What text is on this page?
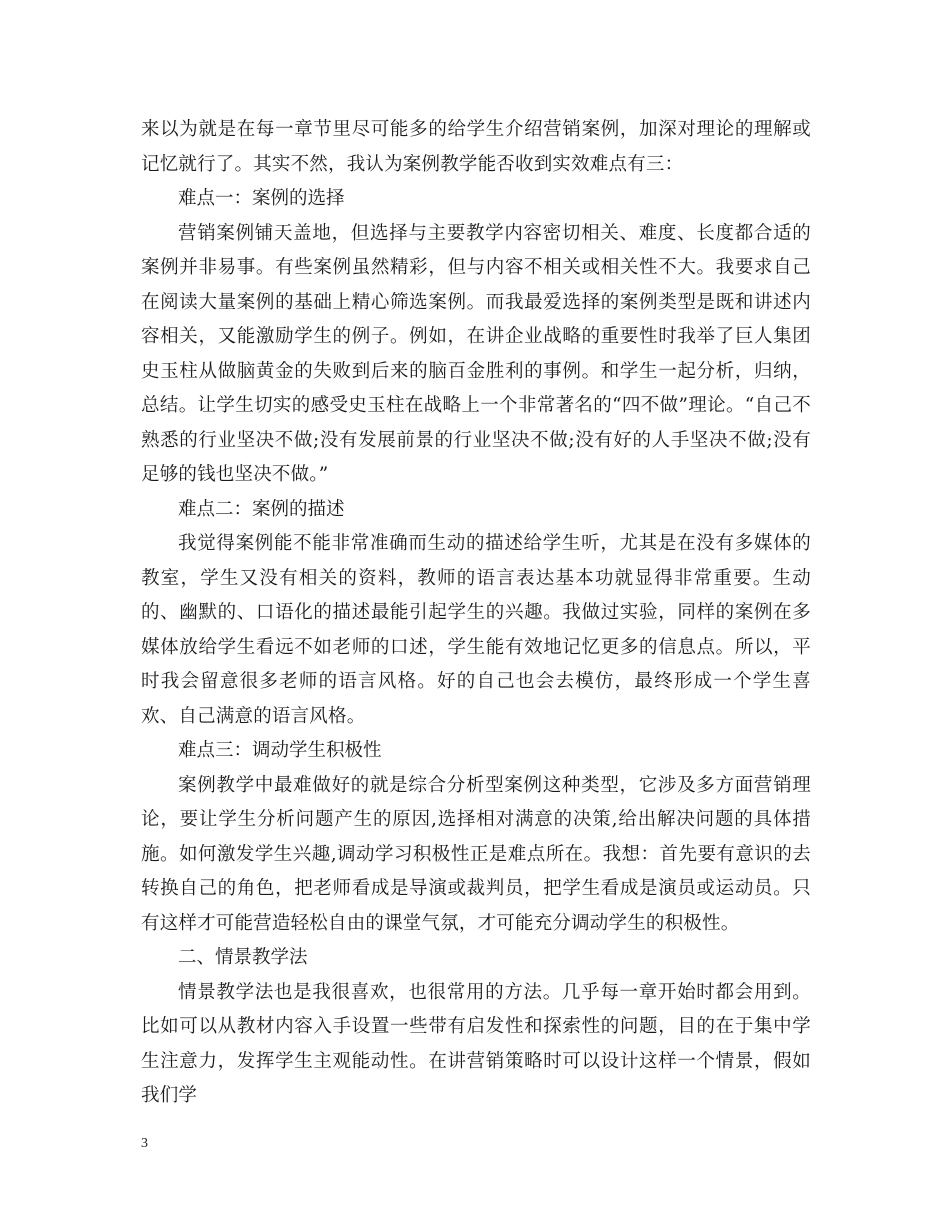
来以为就是在每一章节里尽可能多的给学生介绍营销案例，加深对理论的理解或记忆就行了。其实不然，我认为案例教学能否收到实效难点有三：

难点一：案例的选择

营销案例铺天盖地，但选择与主要教学内容密切相关、难度、长度都合适的案例并非易事。有些案例虽然精彩，但与内容不相关或相关性不大。我要求自己在阅读大量案例的基础上精心筛选案例。而我最爱选择的案例类型是既和讲述内容相关，又能激励学生的例子。例如，在讲企业战略的重要性时我举了巨人集团史玉柱从做脑黄金的失败到后来的脑百金胜利的事例。和学生一起分析，归纳，总结。让学生切实的感受史玉柱在战略上一个非常著名的“四不做”理论。“自己不熟悉的行业坚决不做;没有发展前景的行业坚决不做;没有好的人手坚决不做;没有足够的钱也坚决不做。”

难点二：案例的描述

我觉得案例能不能非常准确而生动的描述给学生听，尤其是在没有多媒体的教室，学生又没有相关的资料，教师的语言表达基本功就显得非常重要。生动的、幽默的、口语化的描述最能引起学生的兴趣。我做过实验，同样的案例在多媒体放给学生看远不如老师的口述，学生能有效地记忆更多的信息点。所以，平时我会留意很多老师的语言风格。好的自己也会去模仿，最终形成一个学生喜欢、自己满意的语言风格。

难点三：调动学生积极性

案例教学中最难做好的就是综合分析型案例这种类型，它涉及多方面营销理论，要让学生分析问题产生的原因,选择相对满意的决策,给出解决问题的具体措施。如何激发学生兴趣,调动学习积极性正是难点所在。我想：首先要有意识的去转换自己的角色，把老师看成是导演或裁判员，把学生看成是演员或运动员。只有这样才可能营造轻松自由的课堂气氛，才可能充分调动学生的积极性。

二、情景教学法

情景教学法也是我很喜欢，也很常用的方法。几乎每一章开始时都会用到。比如可以从教材内容入手设置一些带有启发性和探索性的问题，目的在于集中学生注意力，发挥学生主观能动性。在讲营销策略时可以设计这样一个情景，假如我们学

3
